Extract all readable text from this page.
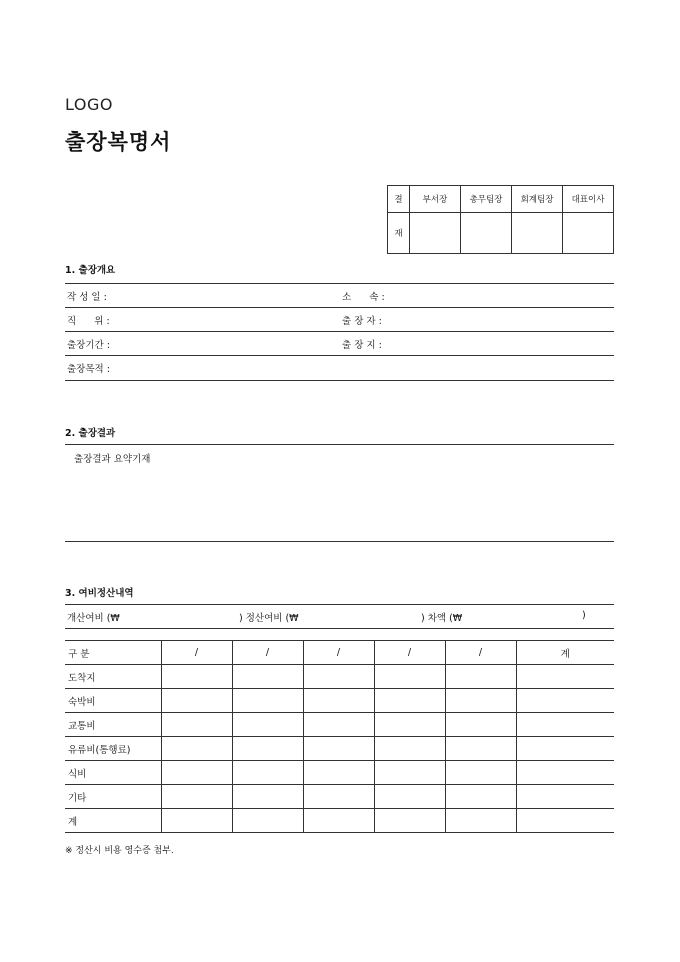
LOGO
출장복명서
결	부서장	총무팀장	회계팀장	대표이사
재				
1. 출장개요
작 성 일 :	소      속 :
직      위 :	출 장 자 :
출장기간 :	출 장 지 :
출장목적 :
2. 출장결과
출장결과 요약기재
3. 여비정산내역
개산여비 (₩	) 정산여비 (₩	) 차액 (₩	)
구 분	/	/	/	/	/	계
도착지						
숙박비						
교통비						
유류비(통행료)						
식비						
기타						
계						
※ 정산시 비용 영수증 첨부.
